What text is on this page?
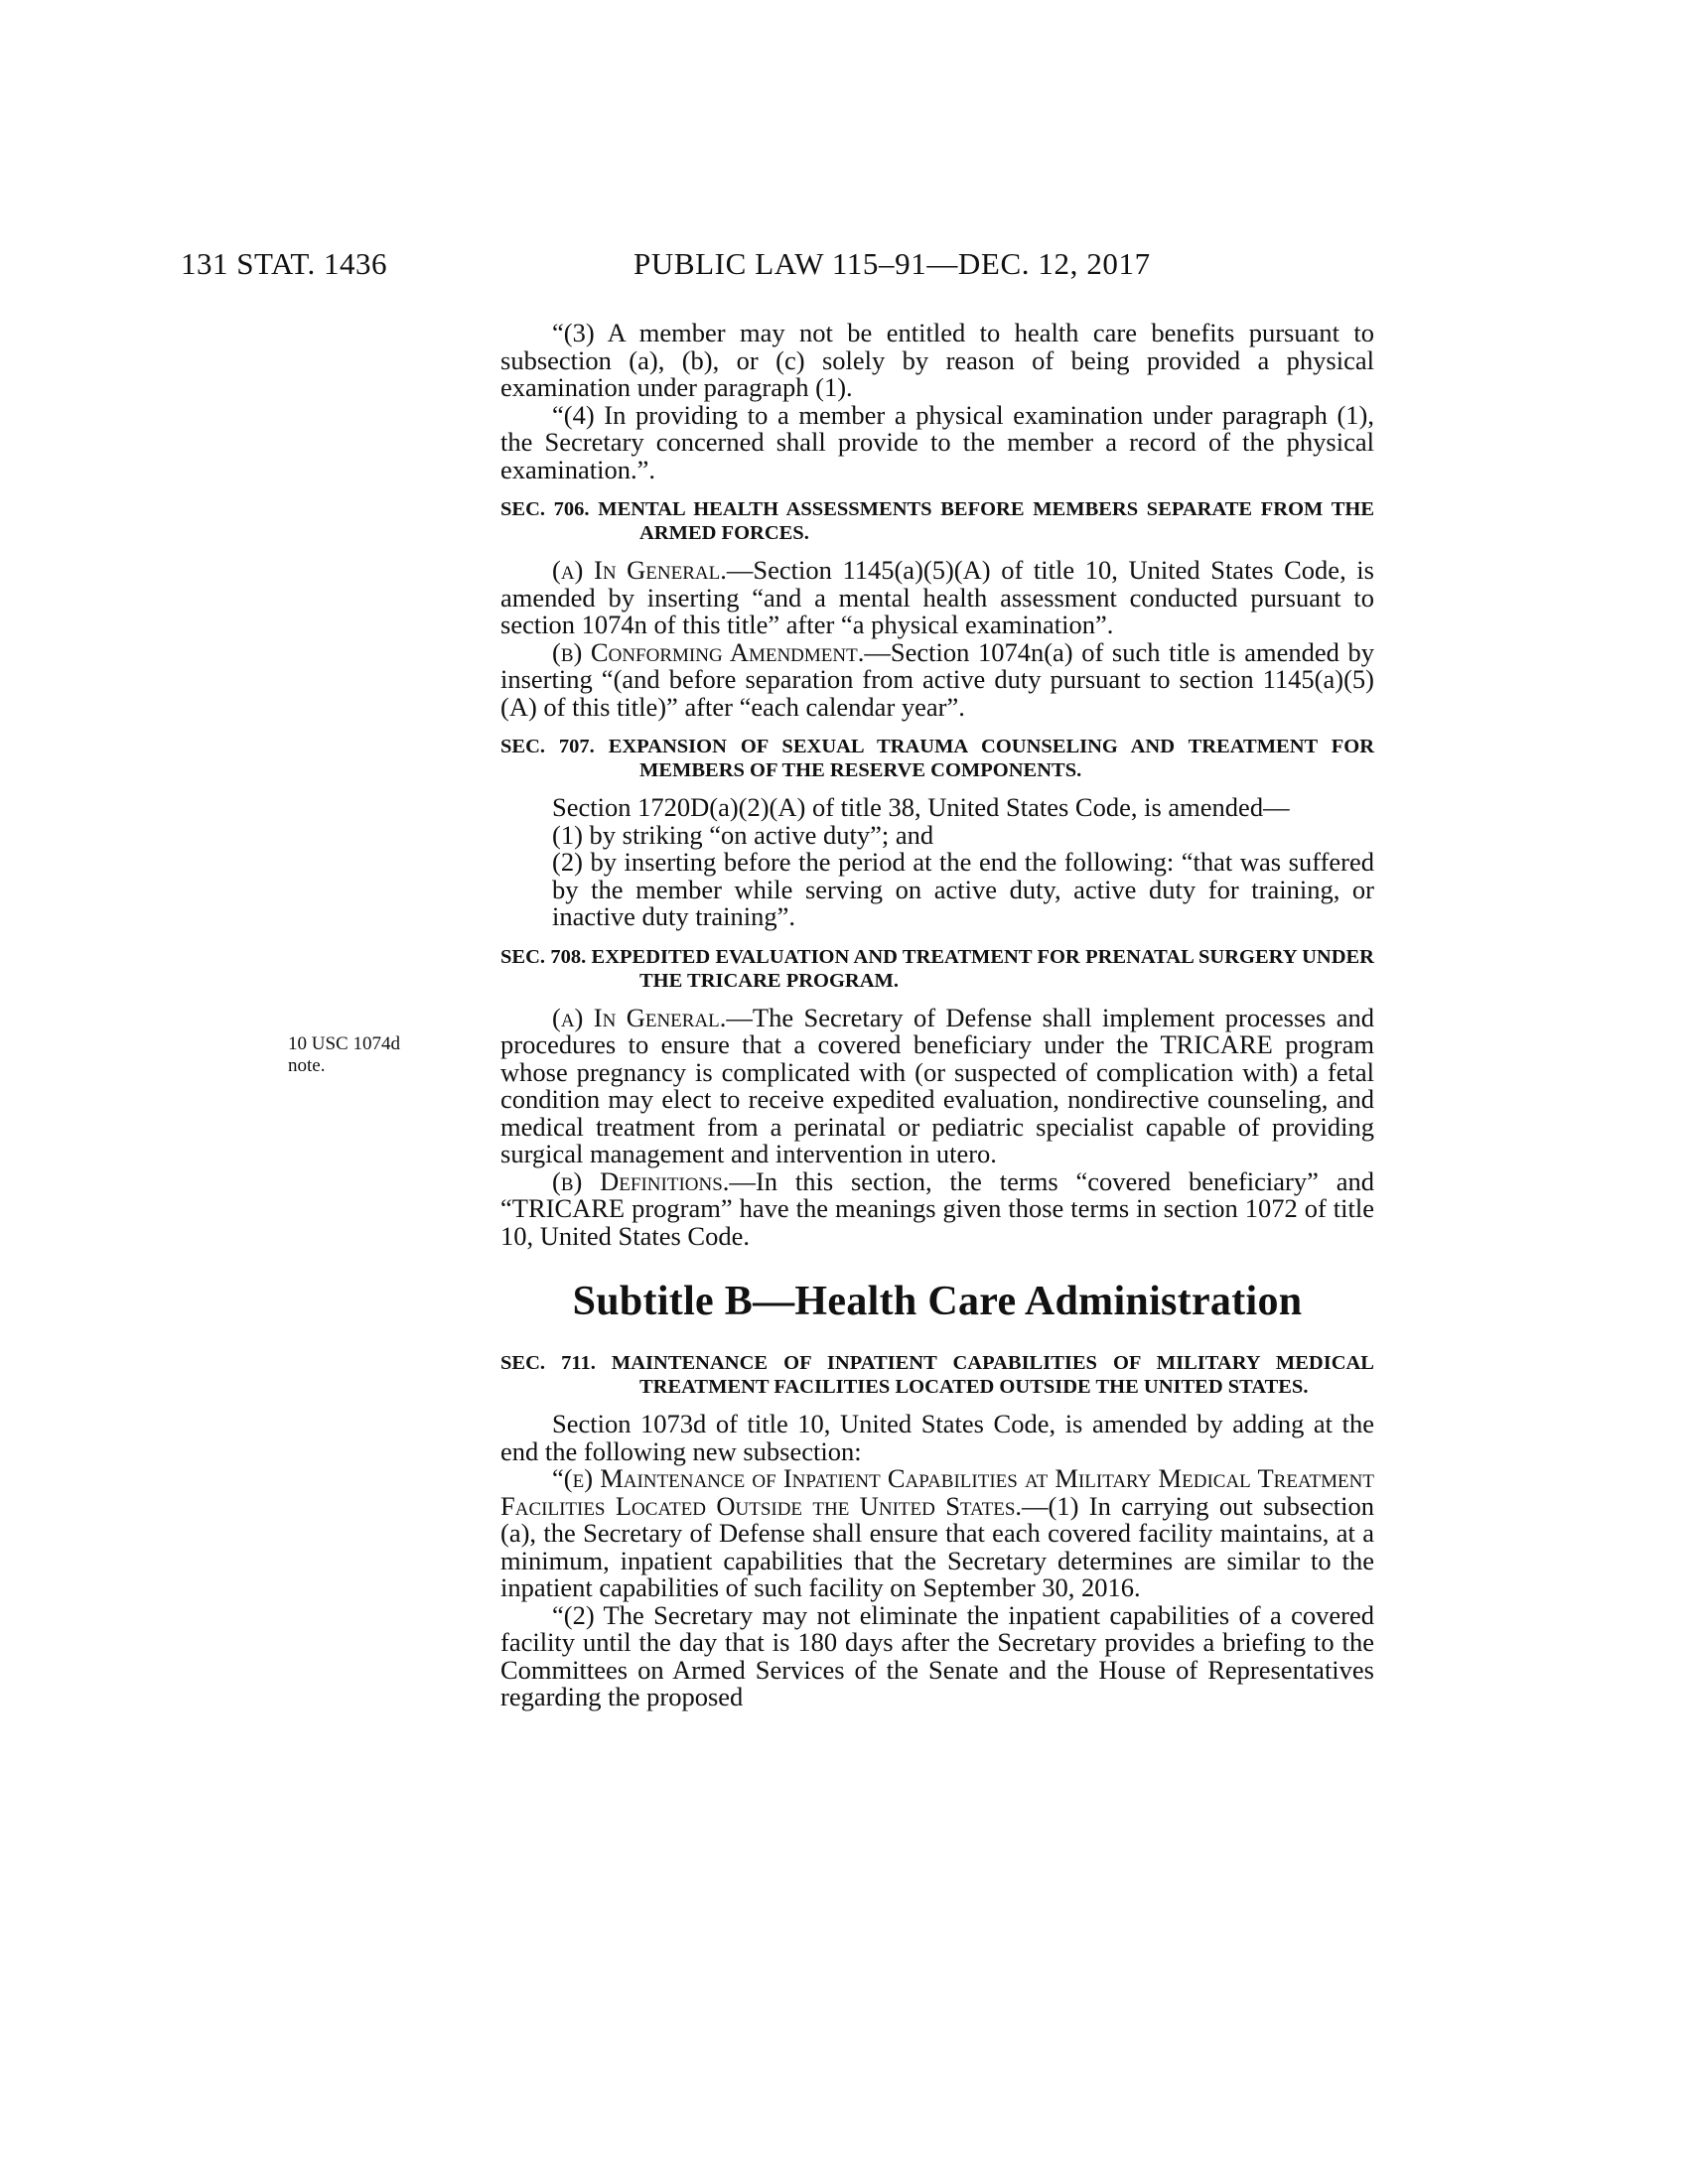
131 STAT. 1436	PUBLIC LAW 115–91—DEC. 12, 2017
10 USC 1074d
note.

“(3) A member may not be entitled to health care benefits pursuant to subsection (a), (b), or (c) solely by reason of being provided a physical examination under paragraph (1).

“(4) In providing to a member a physical examination under paragraph (1), the Secretary concerned shall provide to the member a record of the physical examination.”.

SEC. 706. MENTAL HEALTH ASSESSMENTS BEFORE MEMBERS SEPARATE FROM THE ARMED FORCES.

(a) In General.—Section 1145(a)(5)(A) of title 10, United States Code, is amended by inserting “and a mental health assessment conducted pursuant to section 1074n of this title” after “a physical examination”.

(b) Conforming Amendment.—Section 1074n(a) of such title is amended by inserting “(and before separation from active duty pursuant to section 1145(a)(5)(A) of this title)” after “each calendar year”.

SEC. 707. EXPANSION OF SEXUAL TRAUMA COUNSELING AND TREATMENT FOR MEMBERS OF THE RESERVE COMPONENTS.

Section 1720D(a)(2)(A) of title 38, United States Code, is amended—

(1) by striking “on active duty”; and

(2) by inserting before the period at the end the following: “that was suffered by the member while serving on active duty, active duty for training, or inactive duty training”.

SEC. 708. EXPEDITED EVALUATION AND TREATMENT FOR PRENATAL SURGERY UNDER THE TRICARE PROGRAM.

(a) In General.—The Secretary of Defense shall implement processes and procedures to ensure that a covered beneficiary under the TRICARE program whose pregnancy is complicated with (or suspected of complication with) a fetal condition may elect to receive expedited evaluation, nondirective counseling, and medical treatment from a perinatal or pediatric specialist capable of providing surgical management and intervention in utero.

(b) Definitions.—In this section, the terms “covered beneficiary” and “TRICARE program” have the meanings given those terms in section 1072 of title 10, United States Code.

Subtitle B—Health Care Administration
SEC. 711. MAINTENANCE OF INPATIENT CAPABILITIES OF MILITARY MEDICAL TREATMENT FACILITIES LOCATED OUTSIDE THE UNITED STATES.

Section 1073d of title 10, United States Code, is amended by adding at the end the following new subsection:

“(e) Maintenance of Inpatient Capabilities at Military Medical Treatment Facilities Located Outside the United States.—(1) In carrying out subsection (a), the Secretary of Defense shall ensure that each covered facility maintains, at a minimum, inpatient capabilities that the Secretary determines are similar to the inpatient capabilities of such facility on September 30, 2016.

“(2) The Secretary may not eliminate the inpatient capabilities of a covered facility until the day that is 180 days after the Secretary provides a briefing to the Committees on Armed Services of the Senate and the House of Representatives regarding the proposed
